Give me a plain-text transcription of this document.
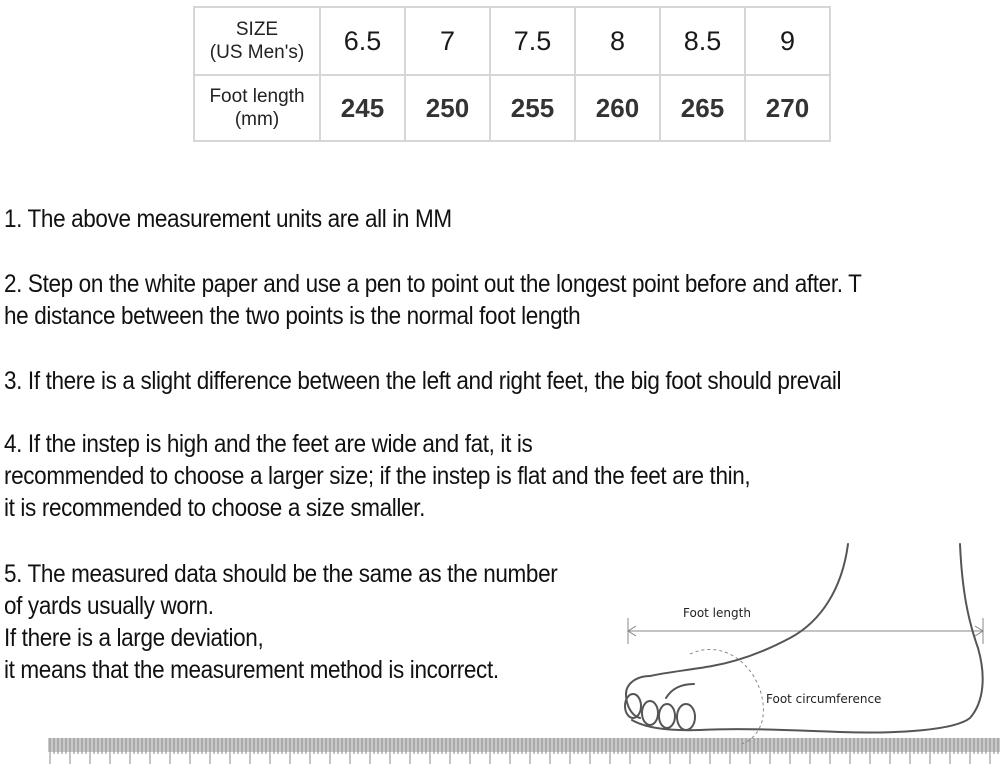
SIZE
(US Men's)	6.5	7	7.5	8	8.5	9
Foot length
(mm)	245	250	255	260	265	270

1. The above measurement units are all in MM

2. Step on the white paper and use a pen to point out the longest point before and after. T
he distance between the two points is the normal foot length

3. If there is a slight difference between the left and right feet, the big foot should prevail

4. If the instep is high and the feet are wide and fat, it is
recommended to choose a larger size; if the instep is flat and the feet are thin,
it is recommended to choose a size smaller.

5. The measured data should be the same as the number
of yards usually worn.
If there is a large deviation,
it means that the measurement method is incorrect.

Foot length
Foot circumference
